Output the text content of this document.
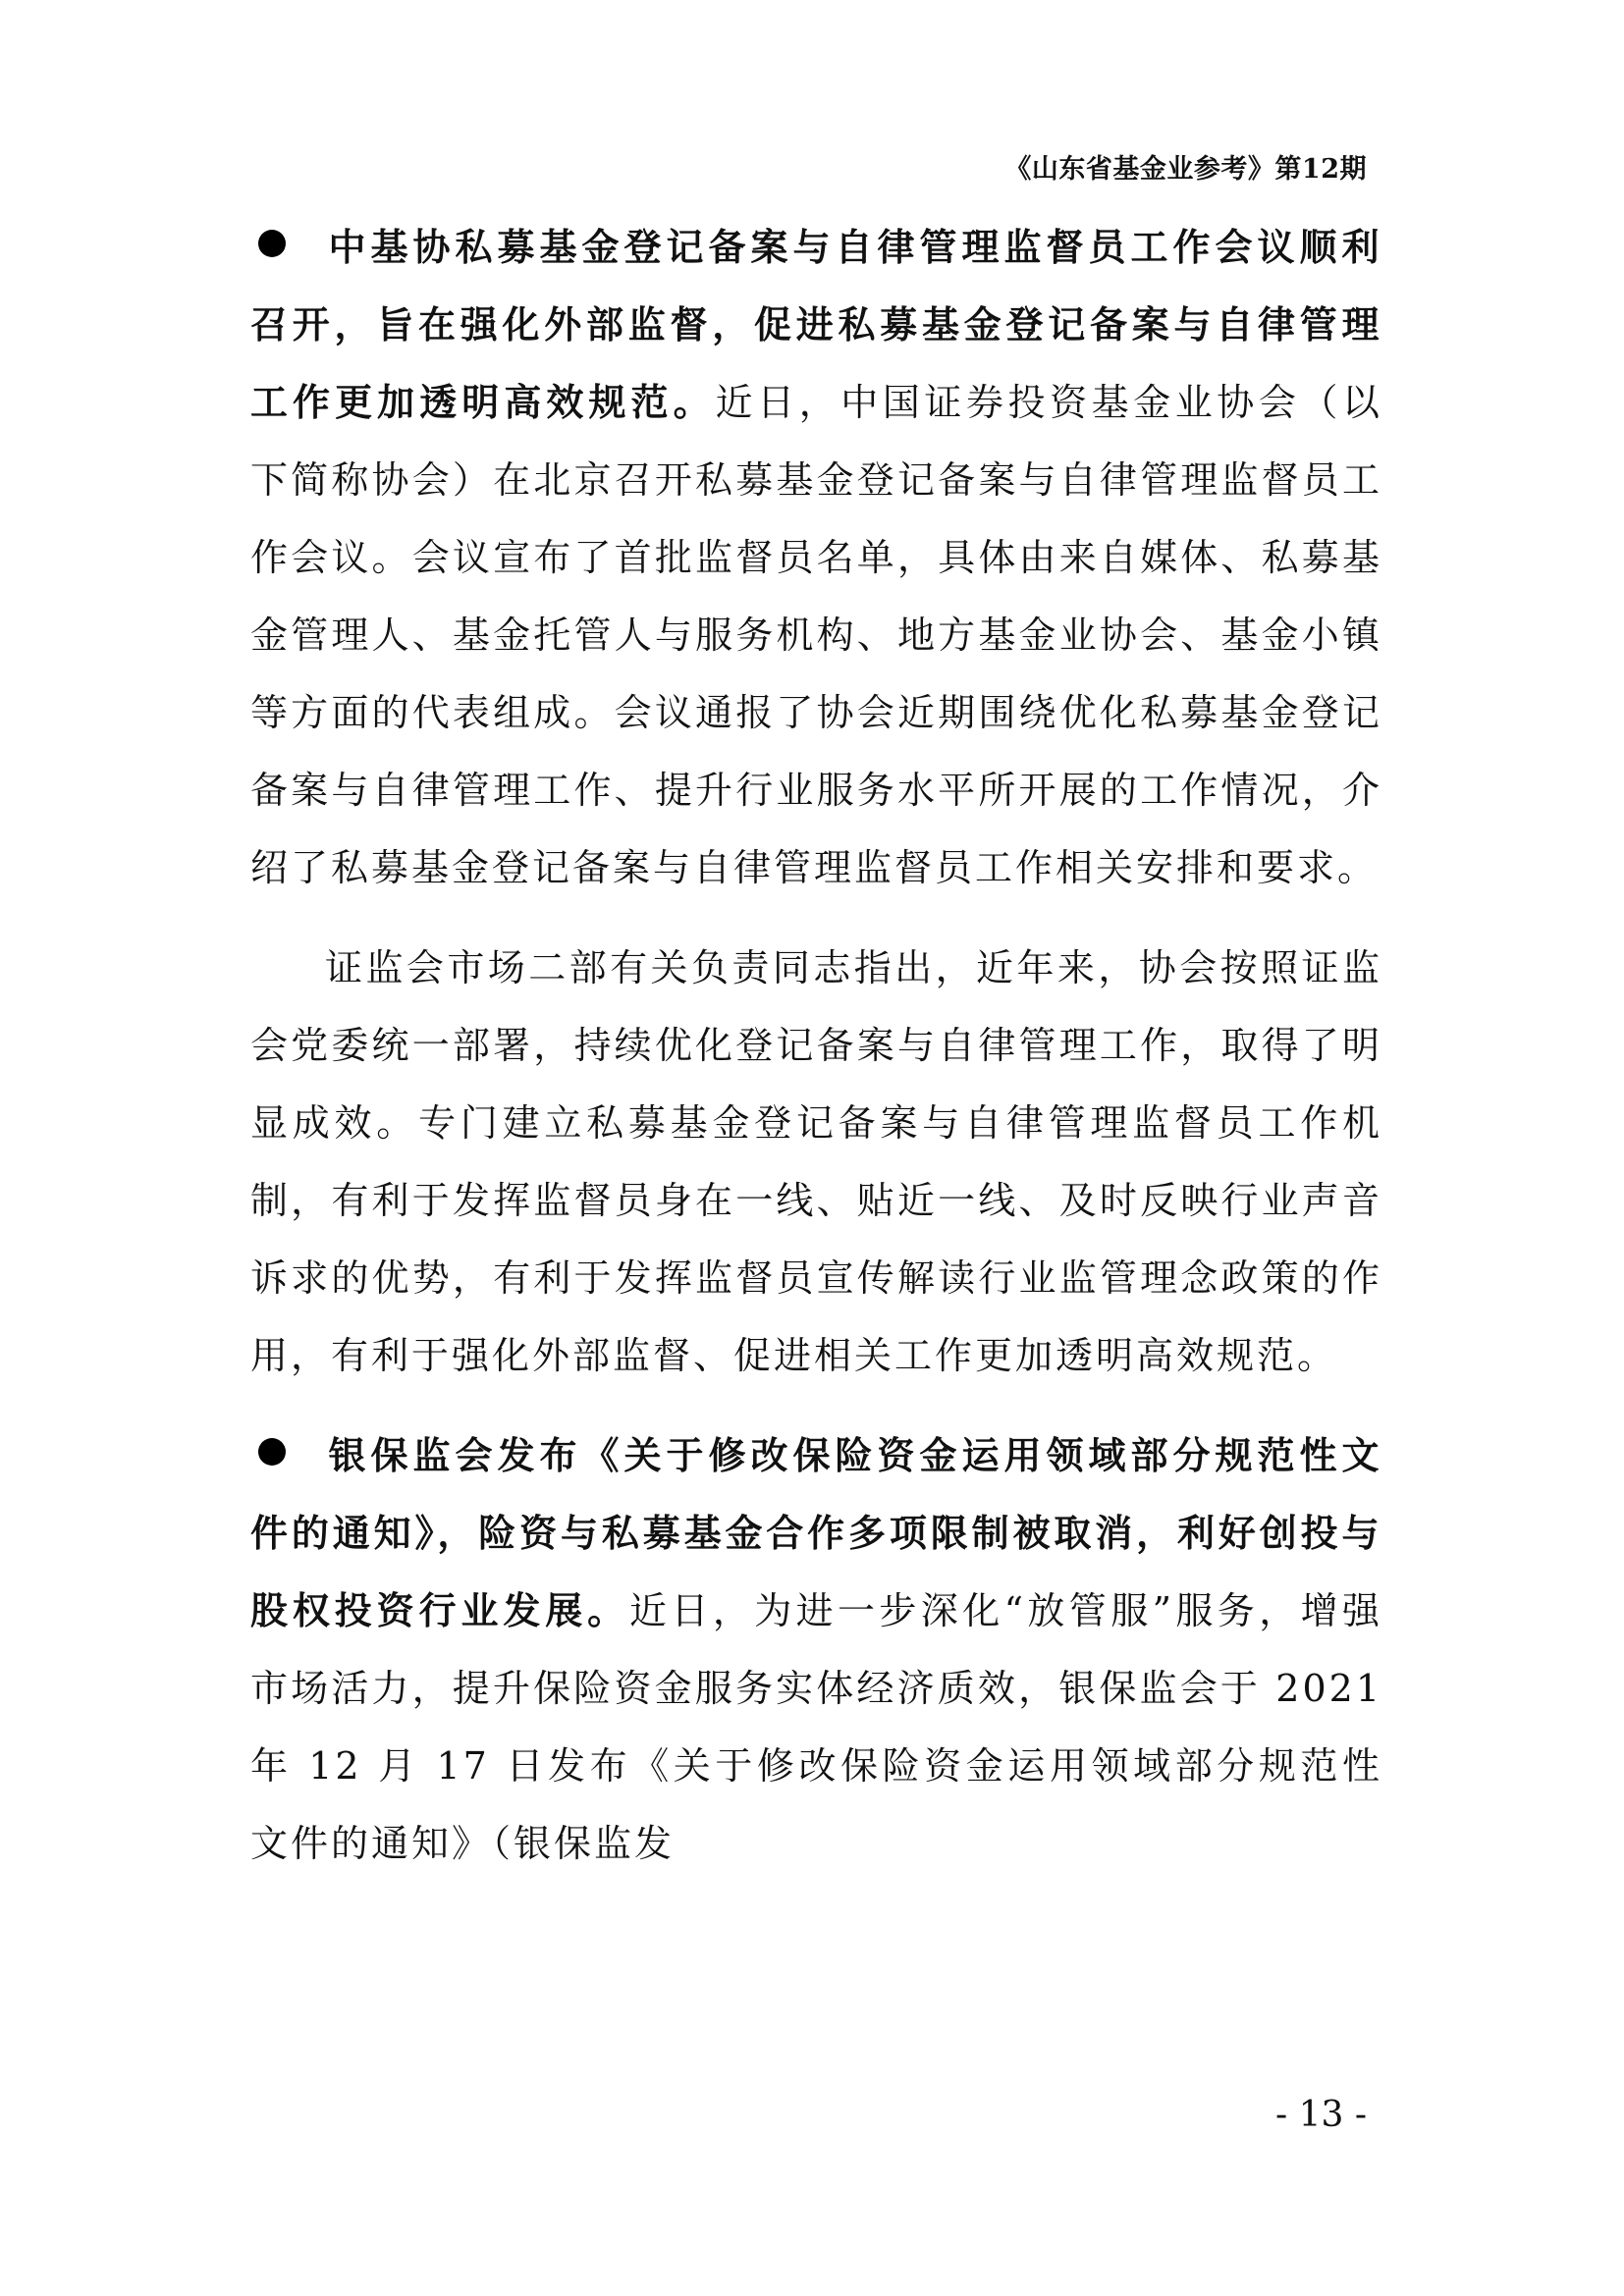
《山东省基金业参考》第12期

中基协私募基金登记备案与自律管理监督员工作会议顺利召开，旨在强化外部监督，促进私募基金登记备案与自律管理工作更加透明高效规范。近日，中国证券投资基金业协会（以下简称协会）在北京召开私募基金登记备案与自律管理监督员工作会议。会议宣布了首批监督员名单，具体由来自媒体、私募基金管理人、基金托管人与服务机构、地方基金业协会、基金小镇等方面的代表组成。会议通报了协会近期围绕优化私募基金登记备案与自律管理工作、提升行业服务水平所开展的工作情况，介绍了私募基金登记备案与自律管理监督员工作相关安排和要求。

证监会市场二部有关负责同志指出，近年来，协会按照证监会党委统一部署，持续优化登记备案与自律管理工作，取得了明显成效。专门建立私募基金登记备案与自律管理监督员工作机制，有利于发挥监督员身在一线、贴近一线、及时反映行业声音诉求的优势，有利于发挥监督员宣传解读行业监管理念政策的作用，有利于强化外部监督、促进相关工作更加透明高效规范。

银保监会发布《关于修改保险资金运用领域部分规范性文件的通知》，险资与私募基金合作多项限制被取消，利好创投与股权投资行业发展。近日，为进一步深化“放管服”服务，增强市场活力，提升保险资金服务实体经济质效，银保监会于 2021 年 12 月 17 日发布《关于修改保险资金运用领域部分规范性文件的通知》（银保监发

- 13 -
